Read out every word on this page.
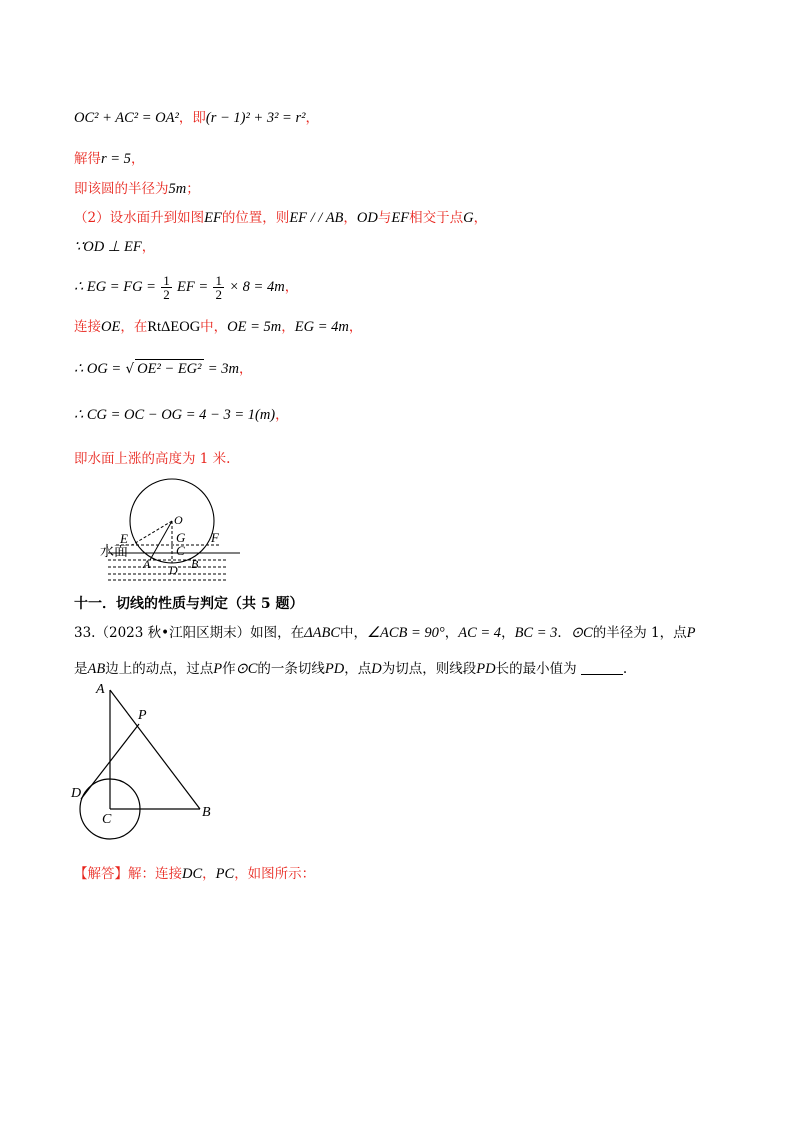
OC² + AC² = OA²，即(r − 1)² + 3² = r²，
解得r = 5，
即该圆的半径为5m；
（2）设水面升到如图EF的位置，则EF / / AB，OD与EF相交于点G，
∵OD ⊥ EF，
∴ EG = FG = $\frac{1}{2}$ EF = $\frac{1}{2} \times 8 = 4m$，
连接OE，在RtΔEOG中，OE = 5m，EG = 4m，
∴ OG = √ OE² − EG² = 3m，
∴ CG = OC − OG = 4 − 3 = 1(m)，
即水面上涨的高度为 1 米.
水面
O
E	G F
C
A	B
D
十一．切线的性质与判定（共 5 题）
33.（2023 秋•江阳区期末）如图，在ΔABC中，∠ACB = 90°，AC = 4，BC = 3．⊙C的半径为 1，点P
是AB边上的动点，过点P作⊙C的一条切线PD，点D为切点，则线段PD长的最小值为	.
A
P
D
C	B
【解答】解：连接DC，PC，如图所示：
